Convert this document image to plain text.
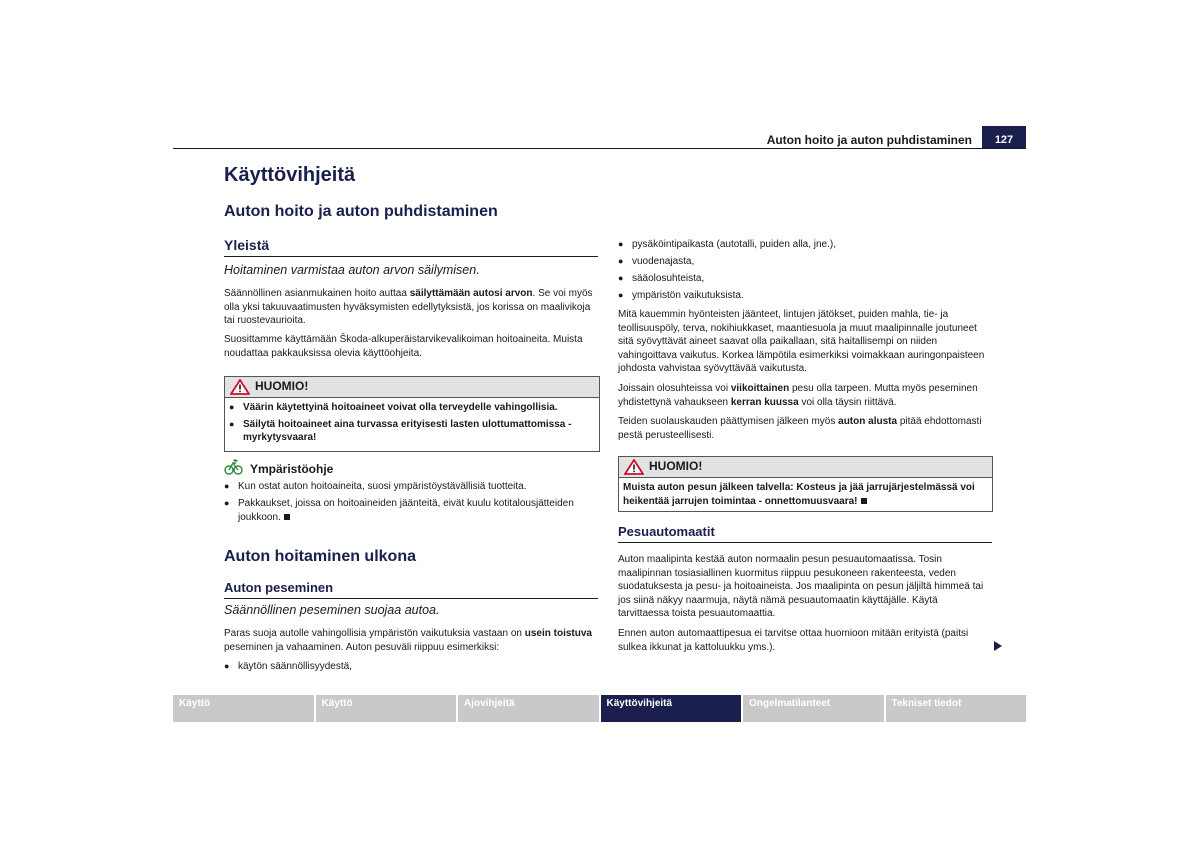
Auton hoito ja auton puhdistaminen	127
Käyttövihjeitä
Auton hoito ja auton puhdistaminen
Yleistä
Hoitaminen varmistaa auton arvon säilymisen.
Säännöllinen asianmukainen hoito auttaa säilyttämään autosi arvon. Se voi myös olla yksi takuuvaatimusten hyväksymisten edellytyksistä, jos korissa on maalivikoja tai ruostevaurioita.
Suosittamme käyttämään Škoda-alkuperäistarvikevalikoiman hoitoaineita. Muista noudattaa pakkauksissa olevia käyttöohjeita.
HUOMIO!
● Väärin käytettyinä hoitoaineet voivat olla terveydelle vahingollisia.
● Säilytä hoitoaineet aina turvassa erityisesti lasten ulottumattomissa - myrkytysvaara!
Ympäristöohje
● Kun ostat auton hoitoaineita, suosi ympäristöystävällisiä tuotteita.
● Pakkaukset, joissa on hoitoaineiden jäänteitä, eivät kuulu kotitalousjätteiden joukkoon.
Auton hoitaminen ulkona
Auton peseminen
Säännöllinen peseminen suojaa autoa.
Paras suoja autolle vahingollisia ympäristön vaikutuksia vastaan on usein toistuva peseminen ja vahaaminen. Auton pesuväli riippuu esimerkiksi:
● käytön säännöllisyydestä,
● pysäköintipaikasta (autotalli, puiden alla, jne.),
● vuodenajasta,
● sääolosuhteista,
● ympäristön vaikutuksista.
Mitä kauemmin hyönteisten jäänteet, lintujen jätökset, puiden mahla, tie- ja teollisuuspöly, terva, nokihiukkaset, maantiesuola ja muut maalipinnalle joutuneet sitä syövyttävät aineet saavat olla paikallaan, sitä haitallisempi on niiden vahingoittava vaikutus. Korkea lämpötila esimerkiksi voimakkaan auringonpaisteen johdosta vahvistaa syövyttävää vaikutusta.
Joissain olosuhteissa voi viikoittainen pesu olla tarpeen. Mutta myös peseminen yhdistettynä vahaukseen kerran kuussa voi olla täysin riittävä.
Teiden suolauskauden päättymisen jälkeen myös auton alusta pitää ehdottomasti pestä perusteellisesti.
HUOMIO!
Muista auton pesun jälkeen talvella: Kosteus ja jää jarrujärjestelmässä voi heikentää jarrujen toimintaa - onnettomuusvaara!
Pesuautomaatit
Auton maalipinta kestää auton normaalin pesun pesuautomaatissa. Tosin maalipinnan tosiasiallinen kuormitus riippuu pesukoneen rakenteesta, veden suodatuksesta ja pesu- ja hoitoaineista. Jos maalipinta on pesun jäljiltä himmeä tai jos siinä näkyy naarmuja, näytä nämä pesuautomaatin käyttäjälle. Käytä tarvittaessa toista pesuautomaattia.
Ennen auton automaattipesua ei tarvitse ottaa huomioon mitään erityistä (paitsi sulkea ikkunat ja kattoluukku yms.).
Käyttö	Käyttö	Ajovihjeitä	Käyttövihjeitä	Ongelmatilanteet	Tekniset tiedot
